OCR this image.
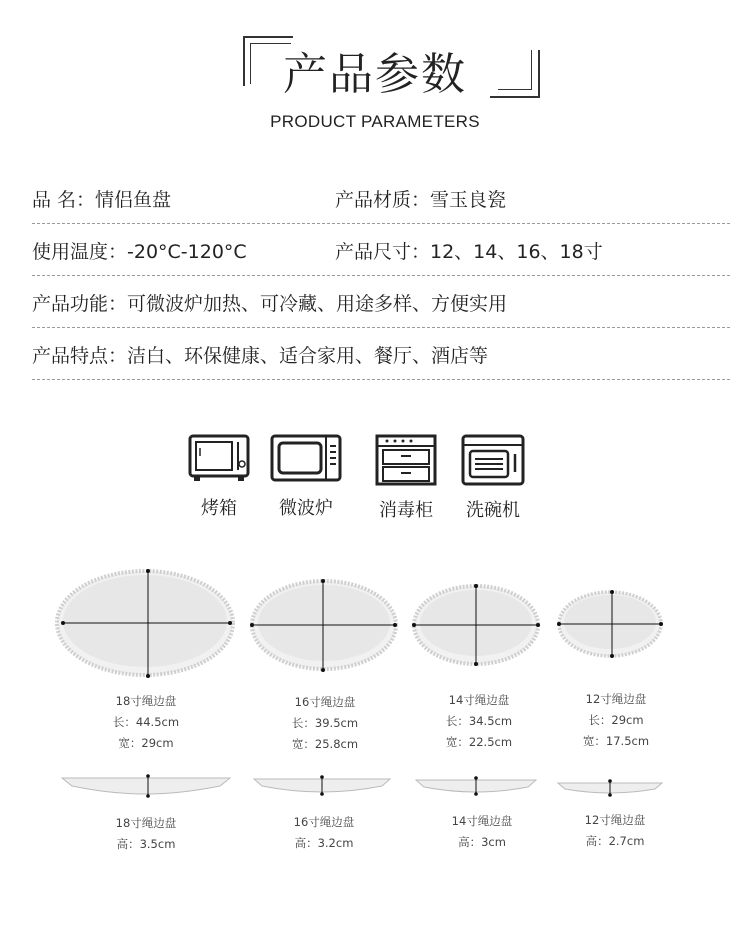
产品参数
PRODUCT PARAMETERS
品 名：情侣鱼盘	产品材质：雪玉良瓷
使用温度：-20°C-120°C	产品尺寸：12、14、16、18寸
产品功能：可微波炉加热、可冷藏、用途多样、方便实用
产品特点：洁白、环保健康、适合家用、餐厅、酒店等
烤箱	微波炉	消毒柜	洗碗机
18寸绳边盘
长：44.5cm
宽：29cm
16寸绳边盘
长：39.5cm
宽：25.8cm
14寸绳边盘
长：34.5cm
宽：22.5cm
12寸绳边盘
长：29cm
宽：17.5cm
18寸绳边盘
高：3.5cm
16寸绳边盘
高：3.2cm
14寸绳边盘
高：3cm
12寸绳边盘
高：2.7cm
